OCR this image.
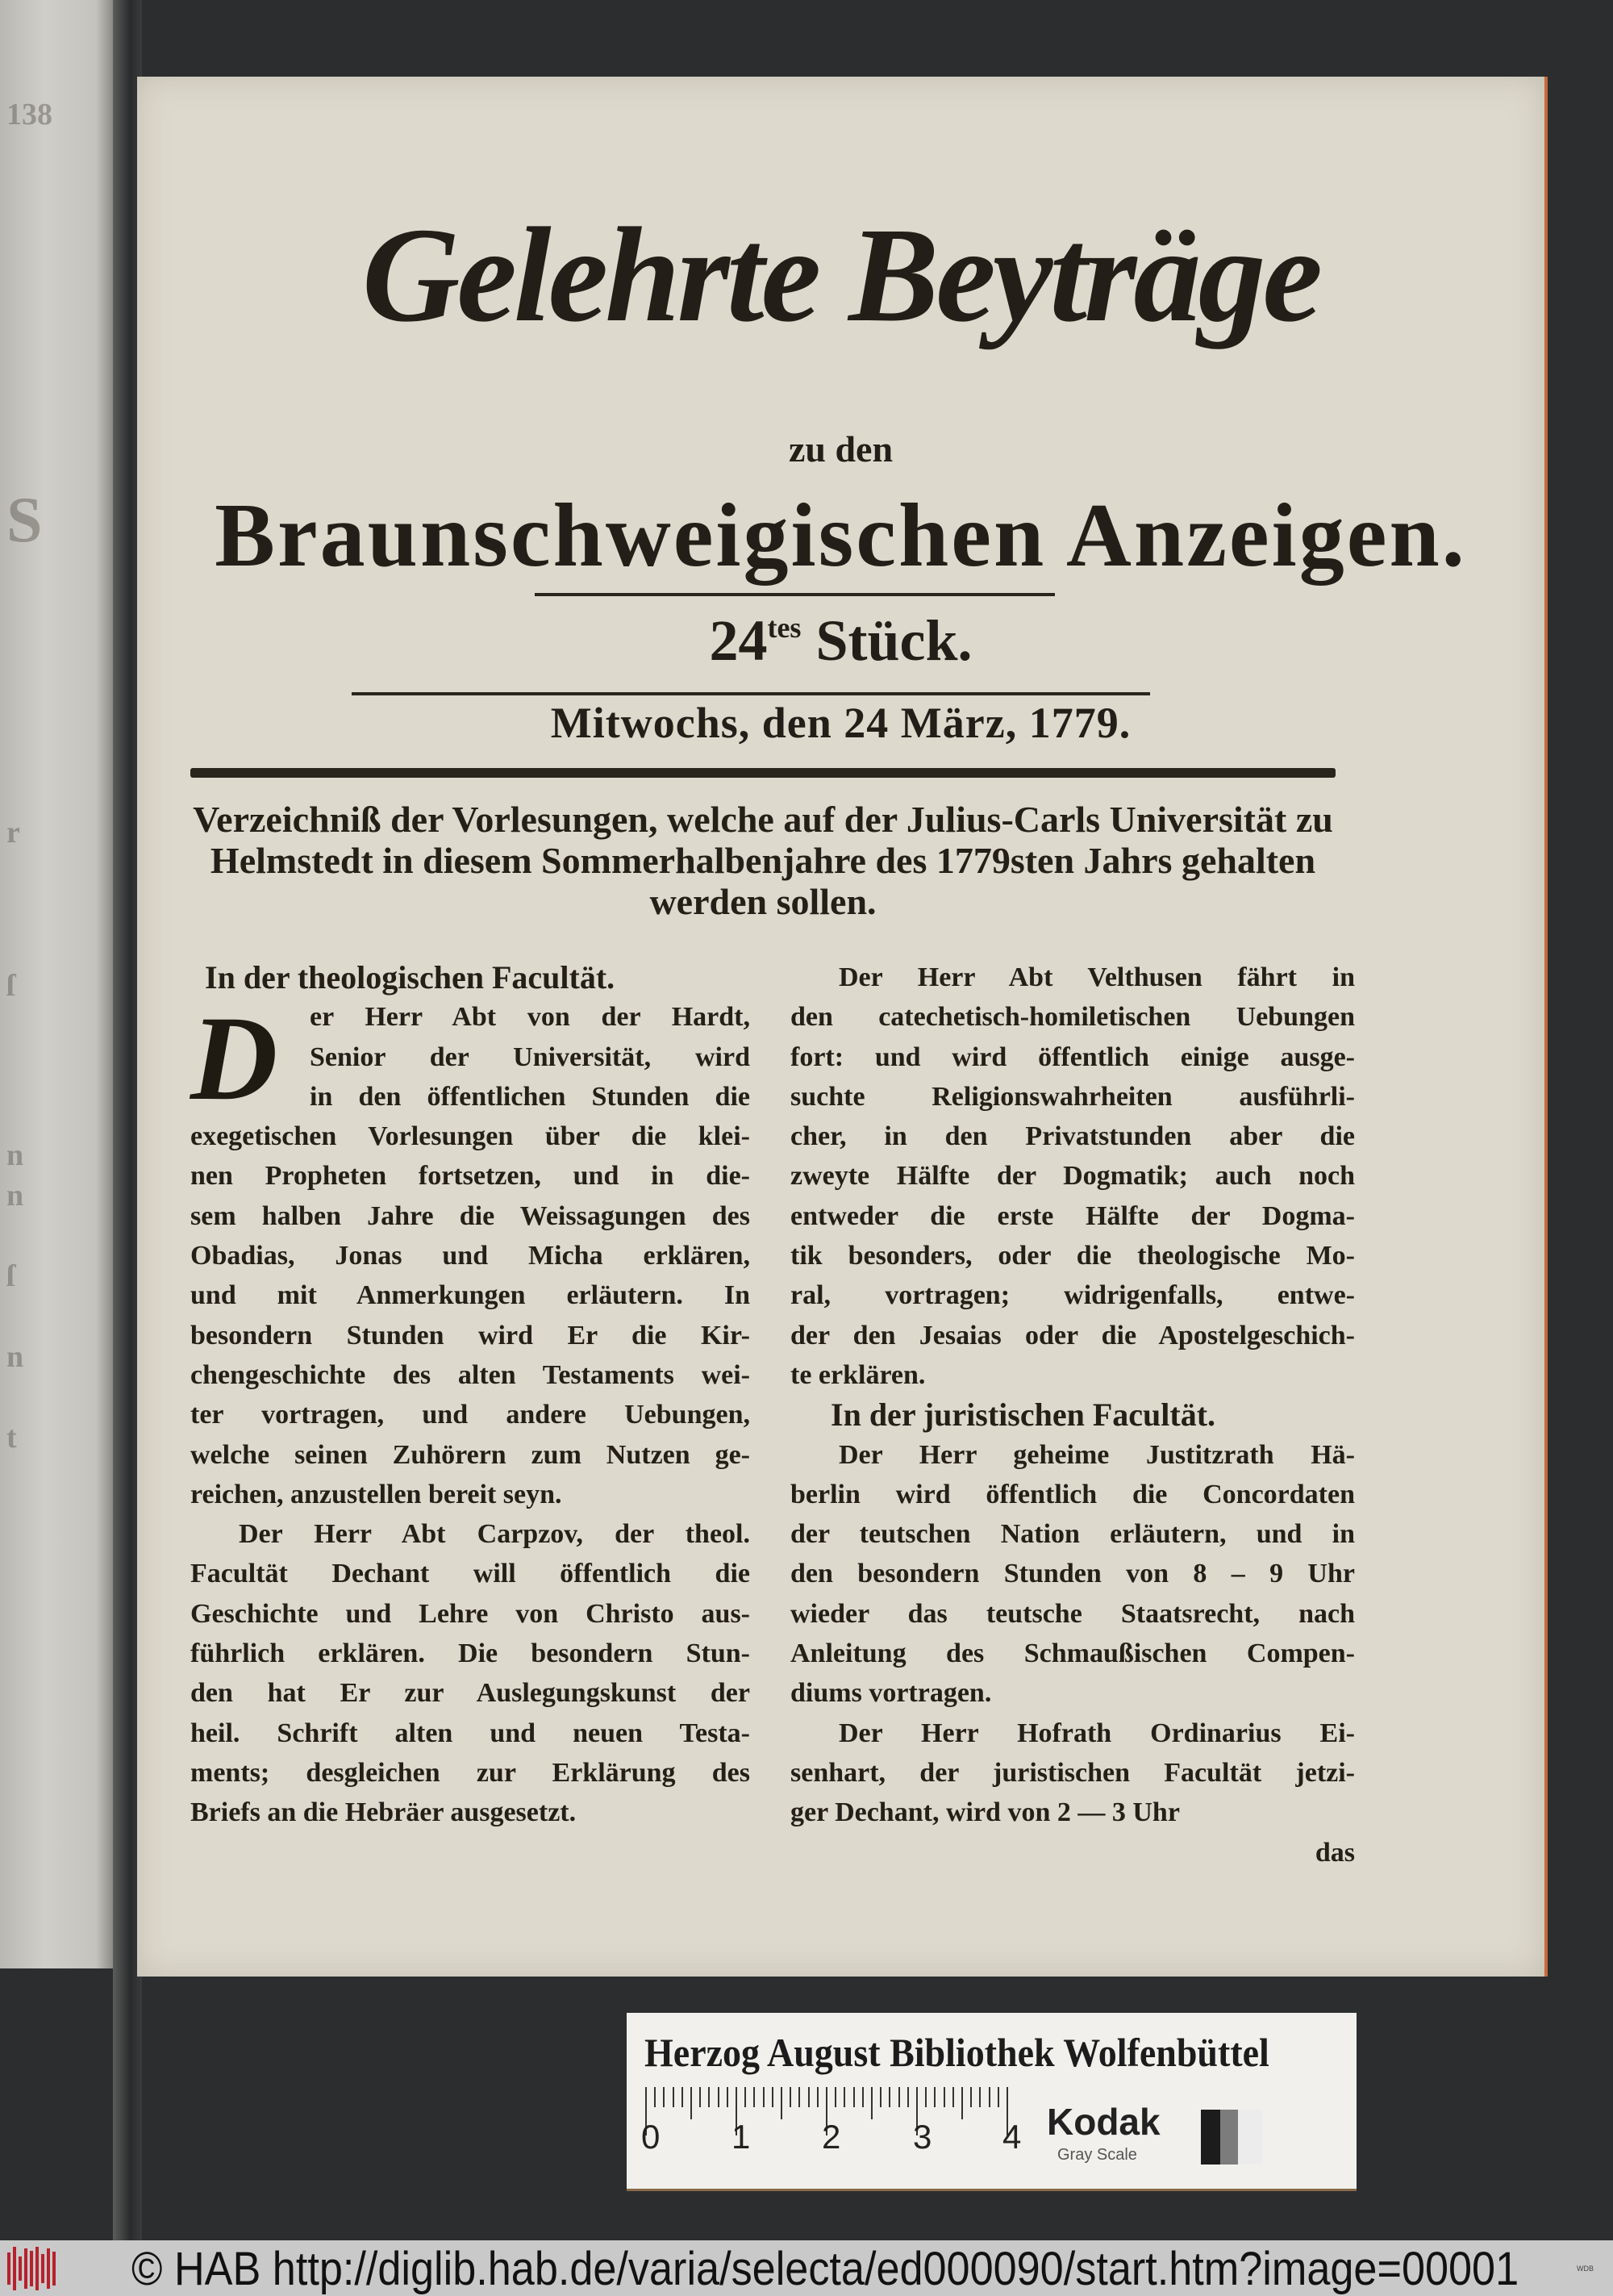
138
S
r
ſ
n
n
ſ
n
t
Gelehrte Beyträge
zu den
Braunschweigischen Anzeigen.
$24^{tes}$ Stück.
Mitwochs, den 24 März, 1779.
Verzeichniß der Vorlesungen, welche auf der Julius-Carls Universität zu Helmstedt in diesem Sommerhalbenjahre des 1779sten Jahrs gehalten werden sollen.
In der theologischen Facultät.
D	er Herr Abt von der Hardt,
Senior der Universität, wird
in den öffentlichen Stunden die
exegetischen Vorlesungen über die klei-
nen Propheten fortsetzen, und in die-
sem halben Jahre die Weissagungen des
Obadias, Jonas und Micha erklären,
und mit Anmerkungen erläutern. In
besondern Stunden wird Er die Kir-
chengeschichte des alten Testaments wei-
ter vortragen, und andere Uebungen,
welche seinen Zuhörern zum Nutzen ge-
reichen, anzustellen bereit seyn.
Der Herr Abt Carpzov, der theol.
Facultät Dechant will öffentlich die
Geschichte und Lehre von Christo aus-
führlich erklären. Die besondern Stun-
den hat Er zur Auslegungskunst der
heil. Schrift alten und neuen Testa-
ments; desgleichen zur Erklärung des
Briefs an die Hebräer ausgesetzt.
Der Herr Abt Velthusen fährt in
den catechetisch-homiletischen Uebungen
fort: und wird öffentlich einige ausge-
suchte Religionswahrheiten ausführli-
cher, in den Privatstunden aber die
zweyte Hälfte der Dogmatik; auch noch
entweder die erste Hälfte der Dogma-
tik besonders, oder die theologische Mo-
ral, vortragen; widrigenfalls, entwe-
der den Jesaias oder die Apostelgeschich-
te erklären.
In der juristischen Facultät.
Der Herr geheime Justitzrath Hä-
berlin wird öffentlich die Concordaten
der teutschen Nation erläutern, und in
den besondern Stunden von 8 – 9 Uhr
wieder das teutsche Staatsrecht, nach
Anleitung des Schmaußischen Compen-
diums vortragen.
Der Herr Hofrath Ordinarius Ei-
senhart, der juristischen Facultät jetzi-
ger Dechant, wird von 2 — 3 Uhr
das
Herzog August Bibliothek Wolfenbüttel
0 1 2 3 4 Kodak
Gray Scale
© HAB http://diglib.hab.de/varia/selecta/ed000090/start.htm?image=00001	WDB
